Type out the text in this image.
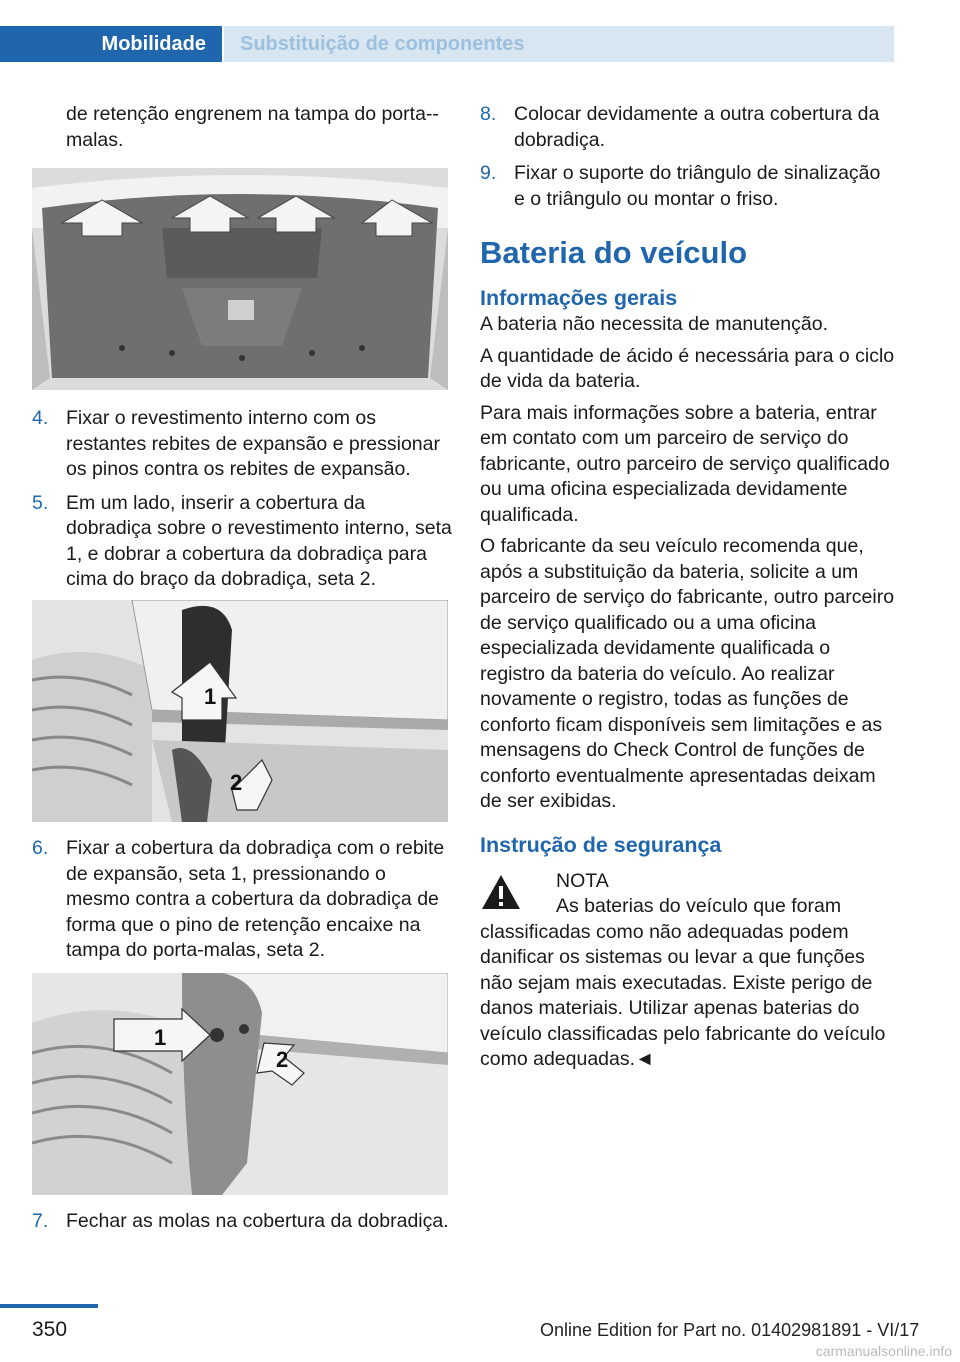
Mobilidade	Substituição de componentes
de retenção engrenem na tampa do porta--malas.
4. Fixar o revestimento interno com os restantes rebites de expansão e pressionar os pinos contra os rebites de expansão.
5. Em um lado, inserir a cobertura da dobradiça sobre o revestimento interno, seta 1, e dobrar a cobertura da dobradiça para cima do braço da dobradiça, seta 2.
1
2
6. Fixar a cobertura da dobradiça com o rebite de expansão, seta 1, pressionando o mesmo contra a cobertura da dobradiça de forma que o pino de retenção encaixe na tampa do porta-malas, seta 2.
1
2
7. Fechar as molas na cobertura da dobradiça.
8. Colocar devidamente a outra cobertura da dobradiça.
9. Fixar o suporte do triângulo de sinalização e o triângulo ou montar o friso.
Bateria do veículo
Informações gerais
A bateria não necessita de manutenção.
A quantidade de ácido é necessária para o ciclo de vida da bateria.
Para mais informações sobre a bateria, entrar em contato com um parceiro de serviço do fabricante, outro parceiro de serviço qualificado ou uma oficina especializada devidamente qualificada.
O fabricante da seu veículo recomenda que, após a substituição da bateria, solicite a um parceiro de serviço do fabricante, outro parceiro de serviço qualificado ou a uma oficina especializada devidamente qualificada o registro da bateria do veículo. Ao realizar novamente o registro, todas as funções de conforto ficam disponíveis sem limitações e as mensagens do Check Control de funções de conforto eventualmente apresentadas deixam de ser exibidas.
Instrução de segurança
NOTA
As baterias do veículo que foram classificadas como não adequadas podem danificar os sistemas ou levar a que funções não sejam mais executadas. Existe perigo de danos materiais. Utilizar apenas baterias do veículo classificadas pelo fabricante do veículo como adequadas.◄
350	Online Edition for Part no. 01402981891 - VI/17
carmanualsonline.info
